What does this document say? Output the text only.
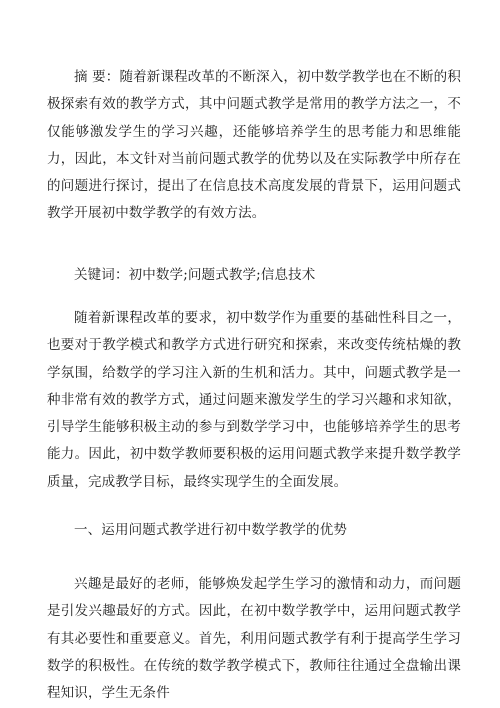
摘 要：随着新课程改革的不断深入，初中数学教学也在不断的积极探索有效的教学方式，其中问题式教学是常用的教学方法之一，不仅能够激发学生的学习兴趣，还能够培养学生的思考能力和思维能力，因此，本文针对当前问题式教学的优势以及在实际教学中所存在的问题进行探讨，提出了在信息技术高度发展的背景下，运用问题式教学开展初中数学教学的有效方法。
关键词：初中数学;问题式教学;信息技术
随着新课程改革的要求，初中数学作为重要的基础性科目之一，也要对于教学模式和教学方式进行研究和探索，来改变传统枯燥的教学氛围，给数学的学习注入新的生机和活力。其中，问题式教学是一种非常有效的教学方式，通过问题来激发学生的学习兴趣和求知欲，引导学生能够积极主动的参与到数学学习中，也能够培养学生的思考能力。因此，初中数学教师要积极的运用问题式教学来提升数学教学质量，完成教学目标，最终实现学生的全面发展。
一、运用问题式教学进行初中数学教学的优势
兴趣是最好的老师，能够焕发起学生学习的激情和动力，而问题是引发兴趣最好的方式。因此，在初中数学教学中，运用问题式教学有其必要性和重要意义。首先，利用问题式教学有利于提高学生学习数学的积极性。在传统的数学教学模式下，教师往往通过全盘输出课程知识，学生无条件
